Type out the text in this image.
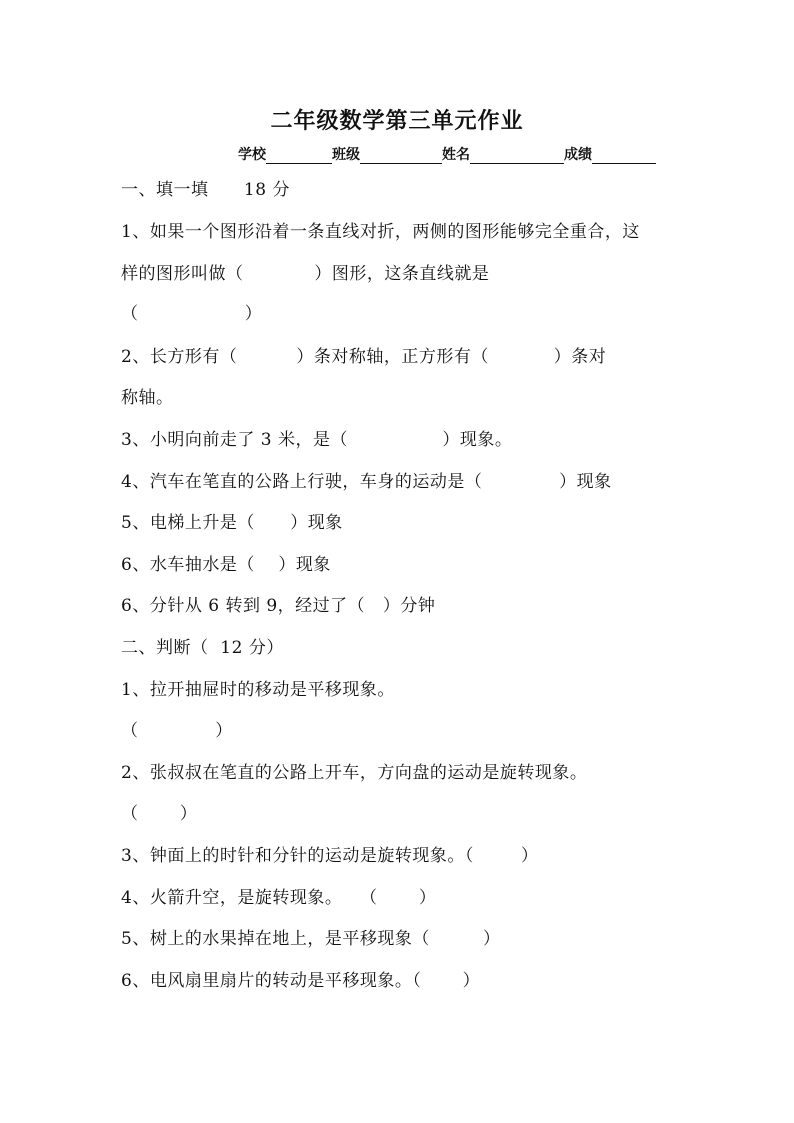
二年级数学第三单元作业
学校	班级	姓名	成绩
一、填一填      18 分
1、如果一个图形沿着一条直线对折，两侧的图形能够完全重合，这
样的图形叫做（            ）图形，这条直线就是
（                  ）
2、长方形有（          ）条对称轴，正方形有（           ）条对
称轴。
3、小明向前走了 3 米，是（                ）现象。
4、汽车在笔直的公路上行驶，车身的运动是（             ）现象
5、电梯上升是（      ）现象
6、水车抽水是（    ）现象
6、分针从 6 转到 9，经过了（   ）分钟
二、判断（  12 分）
1、拉开抽屉时的移动是平移现象。
（             ）
2、张叔叔在笔直的公路上开车，方向盘的运动是旋转现象。
（       ）
3、钟面上的时针和分针的运动是旋转现象。（        ）
4、火箭升空，是旋转现象。   （       ）
5、树上的水果掉在地上，是平移现象（         ）
6、电风扇里扇片的转动是平移现象。（       ）
